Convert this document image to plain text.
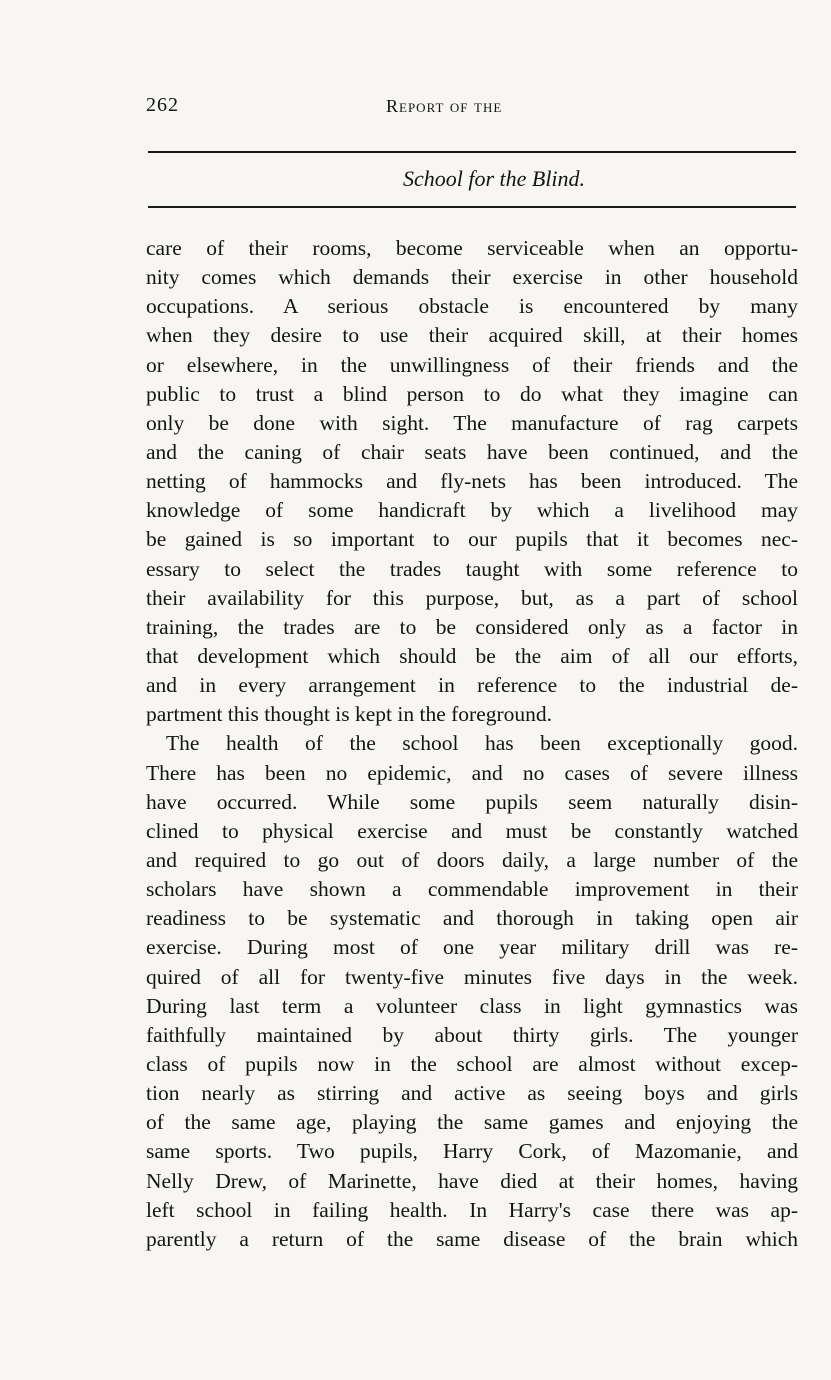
262	Report of the
School for the Blind.
care of their rooms, become serviceable when an opportu-
nity comes which demands their exercise in other household
occupations. A serious obstacle is encountered by many
when they desire to use their acquired skill, at their homes
or elsewhere, in the unwillingness of their friends and the
public to trust a blind person to do what they imagine can
only be done with sight. The manufacture of rag carpets
and the caning of chair seats have been continued, and the
netting of hammocks and fly-nets has been introduced. The
knowledge of some handicraft by which a livelihood may
be gained is so important to our pupils that it becomes nec-
essary to select the trades taught with some reference to
their availability for this purpose, but, as a part of school
training, the trades are to be considered only as a factor in
that development which should be the aim of all our efforts,
and in every arrangement in reference to the industrial de-
partment this thought is kept in the foreground.
The health of the school has been exceptionally good.
There has been no epidemic, and no cases of severe illness
have occurred. While some pupils seem naturally disin-
clined to physical exercise and must be constantly watched
and required to go out of doors daily, a large number of the
scholars have shown a commendable improvement in their
readiness to be systematic and thorough in taking open air
exercise. During most of one year military drill was re-
quired of all for twenty-five minutes five days in the week.
During last term a volunteer class in light gymnastics was
faithfully maintained by about thirty girls. The younger
class of pupils now in the school are almost without excep-
tion nearly as stirring and active as seeing boys and girls
of the same age, playing the same games and enjoying the
same sports. Two pupils, Harry Cork, of Mazomanie, and
Nelly Drew, of Marinette, have died at their homes, having
left school in failing health. In Harry's case there was ap-
parently a return of the same disease of the brain which
